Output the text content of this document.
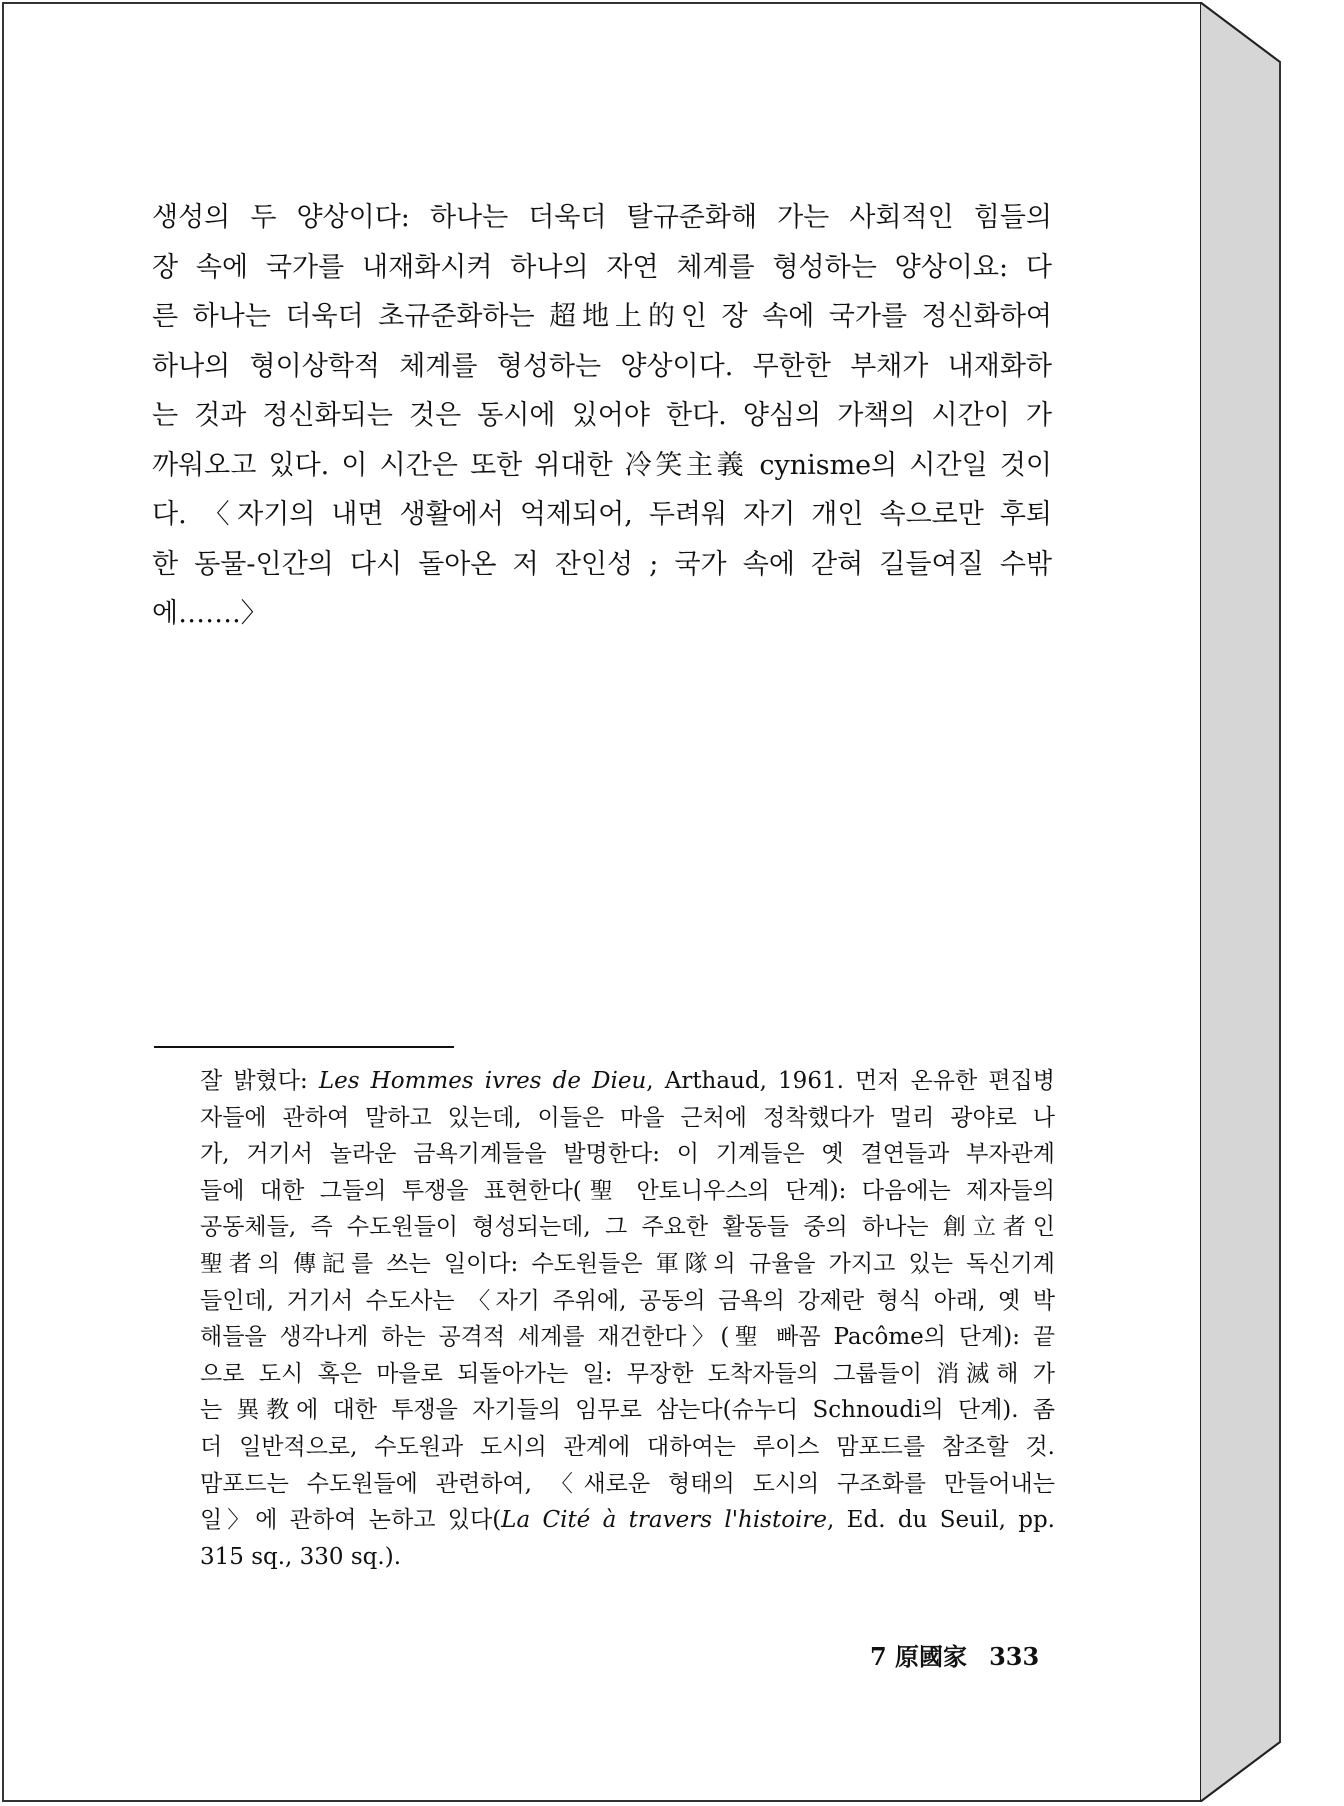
생성의 두 양상이다: 하나는 더욱더 탈규준화해 가는 사회적인 힘들의
장 속에 국가를 내재화시켜 하나의 자연 체계를 형성하는 양상이요: 다
른 하나는 더욱더 초규준화하는 超地上的인 장 속에 국가를 정신화하여
하나의 형이상학적 체계를 형성하는 양상이다. 무한한 부채가 내재화하
는 것과 정신화되는 것은 동시에 있어야 한다. 양심의 가책의 시간이 가
까워오고 있다. 이 시간은 또한 위대한 冷笑主義 cynisme의 시간일 것이
다. 〈자기의 내면 생활에서 억제되어, 두려워 자기 개인 속으로만 후퇴
한 동물-인간의 다시 돌아온 저 잔인성 ; 국가 속에 갇혀 길들여질 수밖
에…….〉
잘 밝혔다: Les Hommes ivres de Dieu, Arthaud, 1961. 먼저 온유한 편집병
자들에 관하여 말하고 있는데, 이들은 마을 근처에 정착했다가 멀리 광야로 나
가, 거기서 놀라운 금욕기계들을 발명한다: 이 기계들은 옛 결연들과 부자관계
들에 대한 그들의 투쟁을 표현한다(聖 안토니우스의 단계): 다음에는 제자들의
공동체들, 즉 수도원들이 형성되는데, 그 주요한 활동들 중의 하나는 創立者인
聖者의 傳記를 쓰는 일이다: 수도원들은 軍隊의 규율을 가지고 있는 독신기계
들인데, 거기서 수도사는 〈자기 주위에, 공동의 금욕의 강제란 형식 아래, 옛 박
해들을 생각나게 하는 공격적 세계를 재건한다〉(聖 빠꼼 Pacôme의 단계): 끝
으로 도시 혹은 마을로 되돌아가는 일: 무장한 도착자들의 그룹들이 消滅해 가
는 異教에 대한 투쟁을 자기들의 임무로 삼는다(슈누디 Schnoudi의 단계). 좀
더 일반적으로, 수도원과 도시의 관계에 대하여는 루이스 맘포드를 참조할 것.
맘포드는 수도원들에 관련하여, 〈새로운 형태의 도시의 구조화를 만들어내는
일〉에 관하여 논하고 있다(La Cité à travers l'histoire, Ed. du Seuil, pp.
315 sq., 330 sq.).
7 原國家 333
